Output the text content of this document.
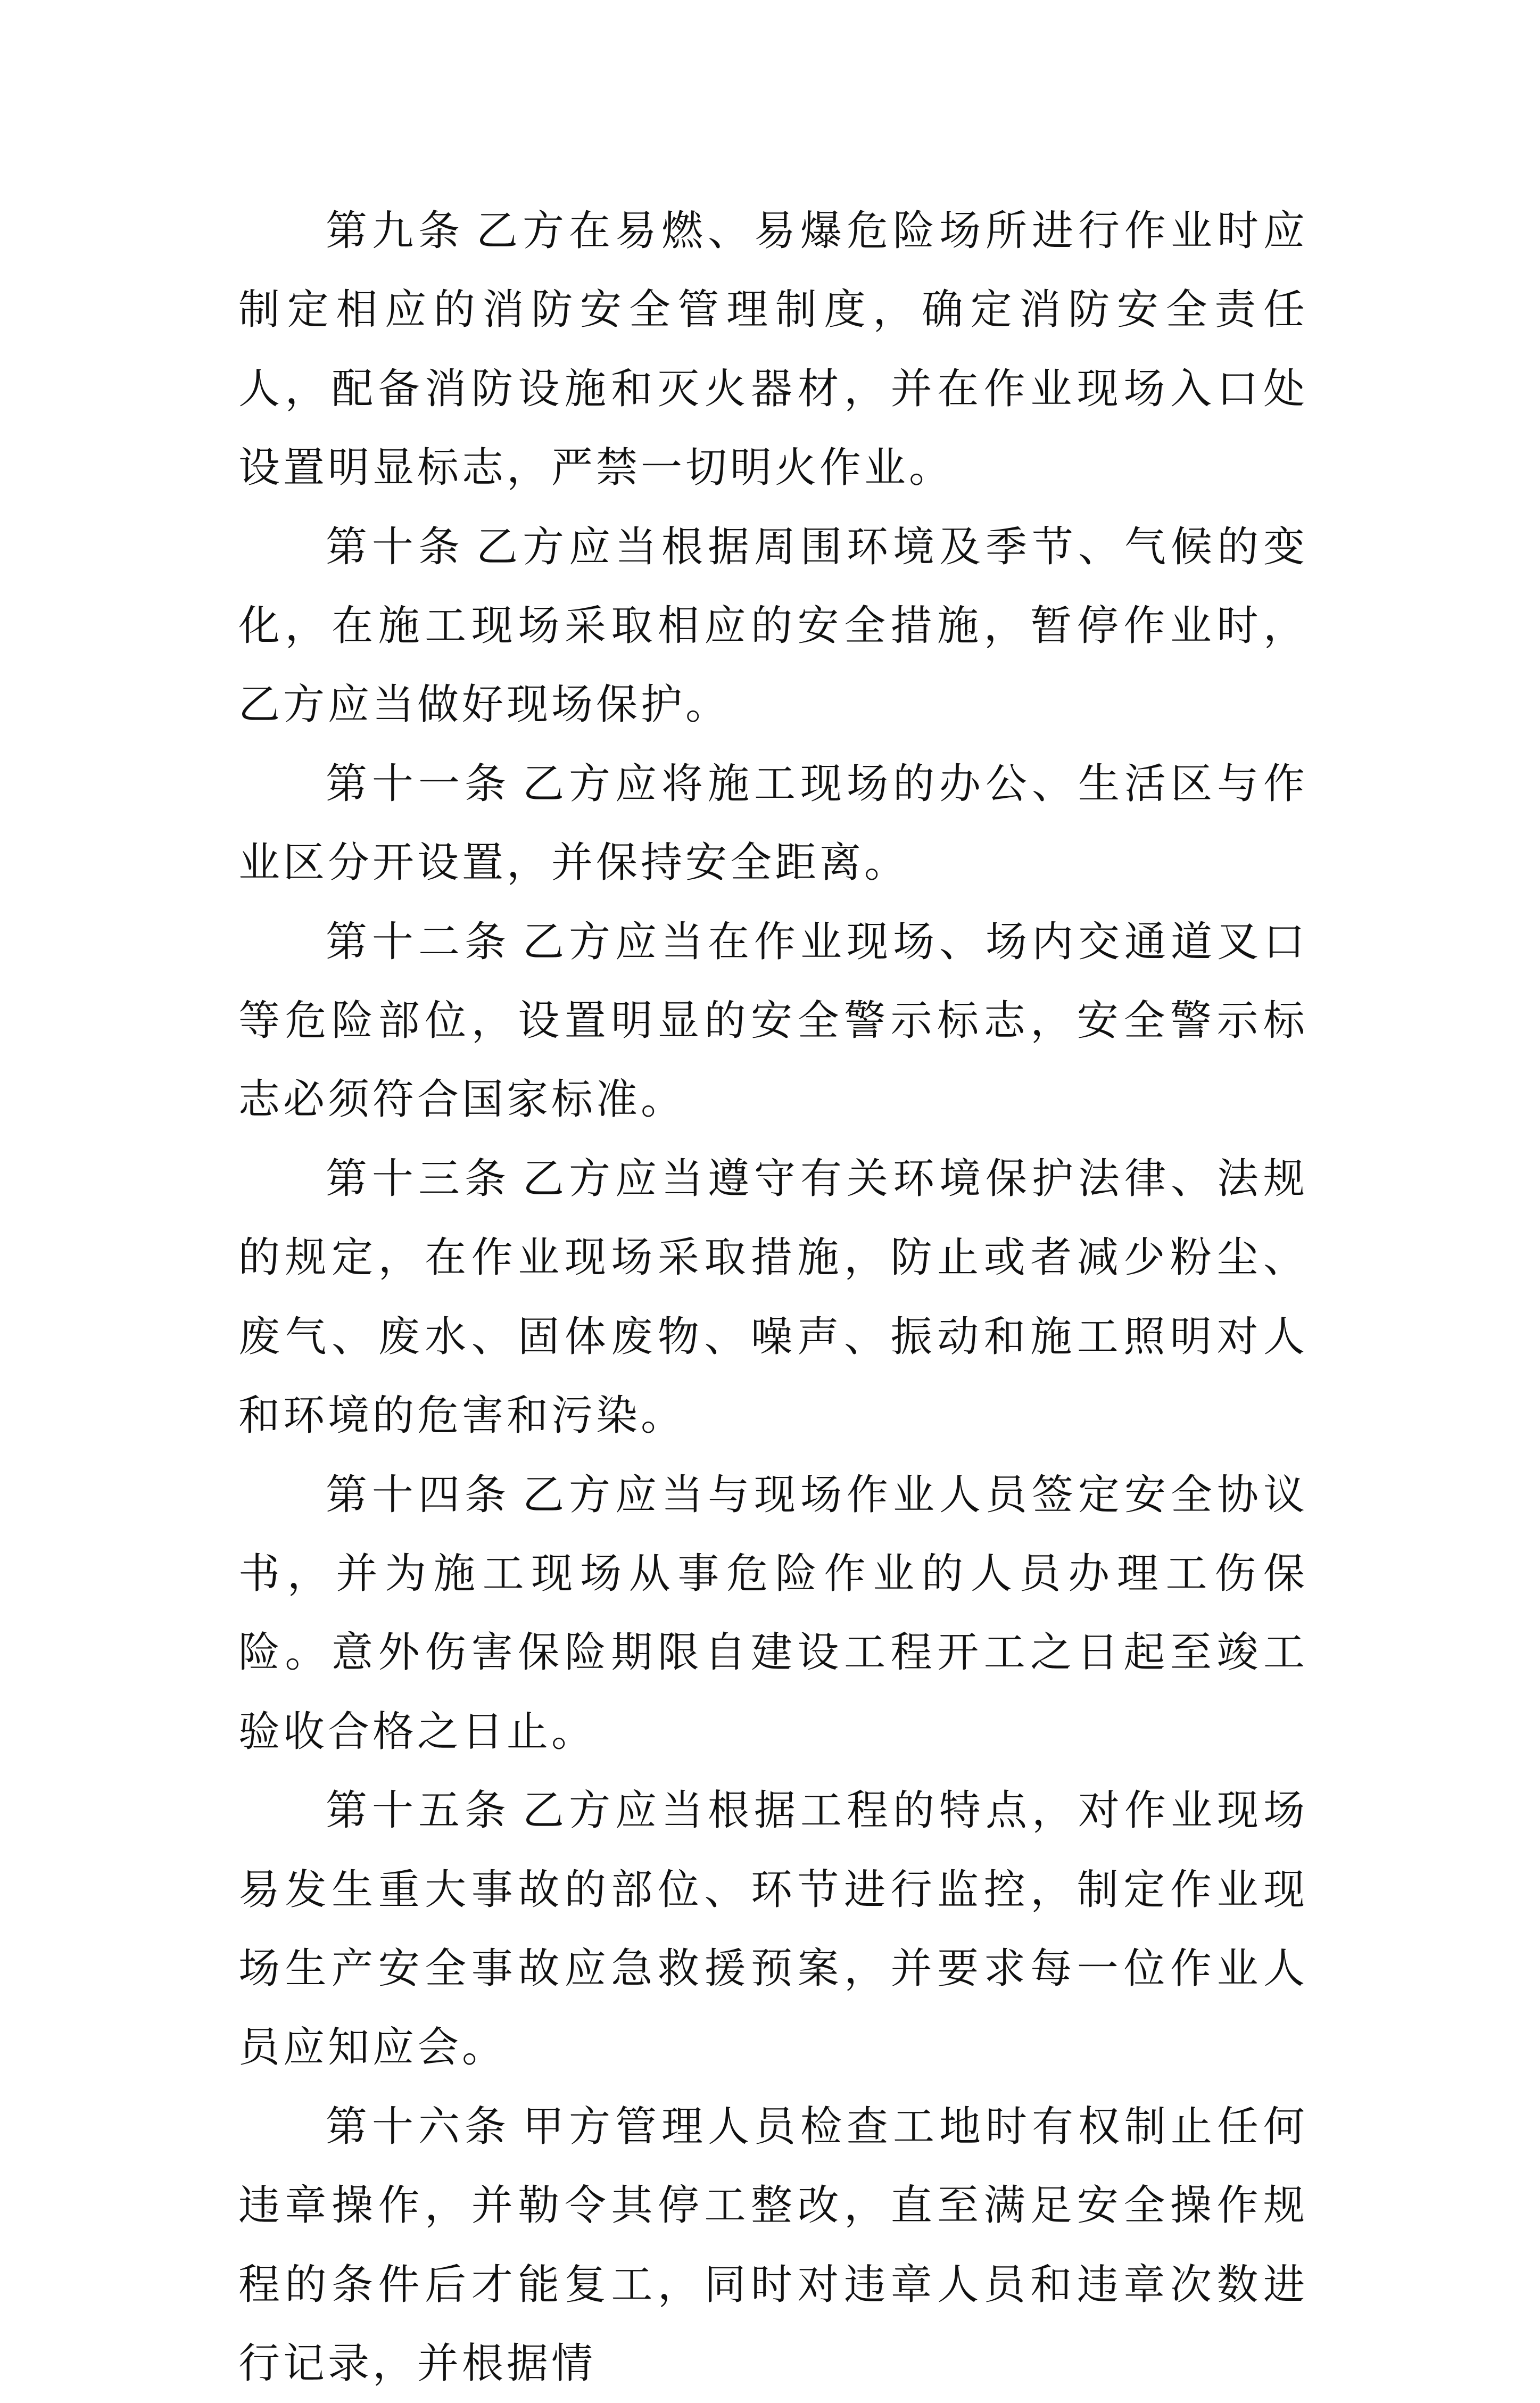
第九条 乙方在易燃、易爆危险场所进行作业时应制定相应的消防安全管理制度，确定消防安全责任人，配备消防设施和灭火器材，并在作业现场入口处设置明显标志，严禁一切明火作业。

第十条 乙方应当根据周围环境及季节、气候的变化，在施工现场采取相应的安全措施，暂停作业时，乙方应当做好现场保护。

第十一条 乙方应将施工现场的办公、生活区与作业区分开设置，并保持安全距离。

第十二条 乙方应当在作业现场、场内交通道叉口等危险部位，设置明显的安全警示标志，安全警示标志必须符合国家标准。

第十三条 乙方应当遵守有关环境保护法律、法规的规定，在作业现场采取措施，防止或者减少粉尘、废气、废水、固体废物、噪声、振动和施工照明对人和环境的危害和污染。

第十四条 乙方应当与现场作业人员签定安全协议书，并为施工现场从事危险作业的人员办理工伤保险。意外伤害保险期限自建设工程开工之日起至竣工验收合格之日止。

第十五条 乙方应当根据工程的特点，对作业现场易发生重大事故的部位、环节进行监控，制定作业现场生产安全事故应急救援预案，并要求每一位作业人员应知应会。

第十六条 甲方管理人员检查工地时有权制止任何违章操作，并勒令其停工整改，直至满足安全操作规程的条件后才能复工，同时对违章人员和违章次数进行记录，并根据情
